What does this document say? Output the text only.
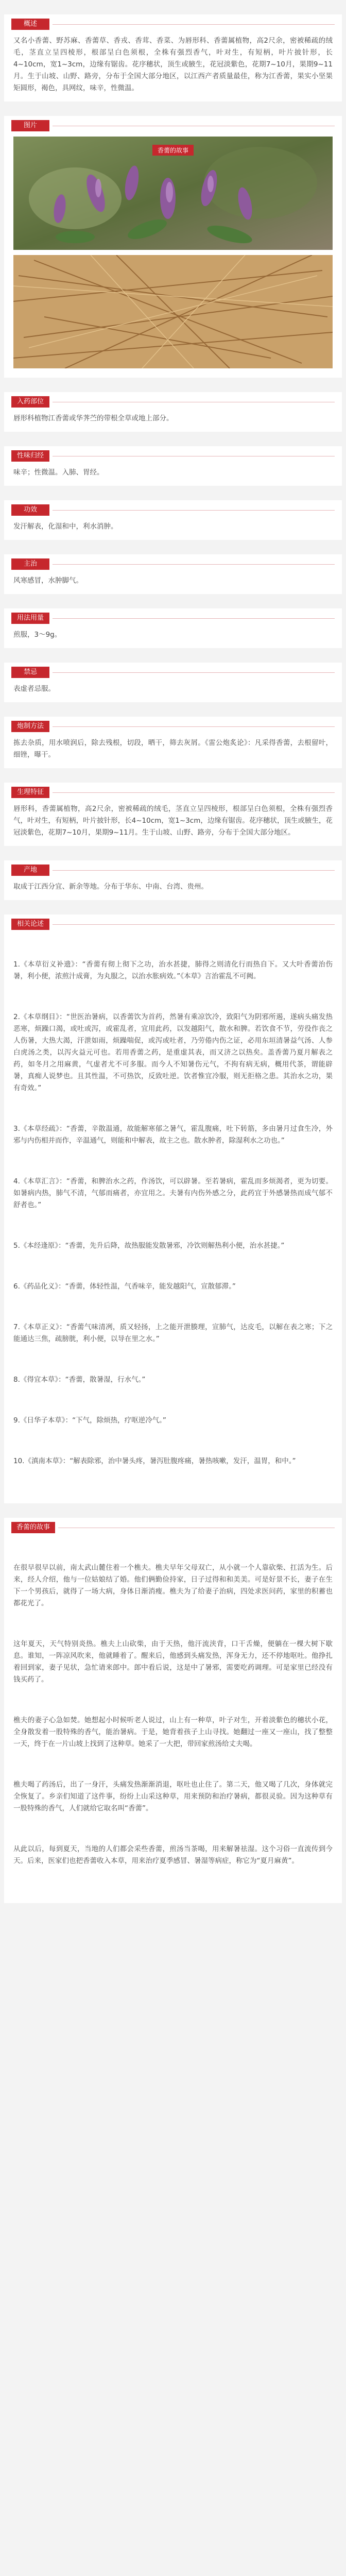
概述
又名小香薷、野苏麻、香薷草、香戎、香茸、香菜、为唇形科、香薷属植物，高2尺余，密被稀疏的绒毛，茎直立呈四棱形，根部呈白色须根，全株有强烈香气，叶对生，有短柄，叶片披针形，长4~10cm，宽1~3cm，边缘有锯齿。花序穗状，顶生或腋生，花冠淡紫色，花期7~10月，果期9~11月。生于山坡、山野、路旁，分布于全国大部分地区，以江西产者质量最佳，称为江香薷，果实小坚果矩圆形，褐色，具网纹，味辛，性微温。
图片
香薷的故事
入药部位
唇形科植物江香薷或华荠苎的带根全草或地上部分。
性味归经
味辛；性微温。入肺、胃经。
功效
发汗解表，化湿和中，利水消肿。
主治
风寒感冒，水肿脚气。
用法用量
煎服，3～9g。
禁忌
表虚者忌服。
炮制方法
拣去杂质，用水喷润后，除去残根，切段，晒干，筛去灰屑。《雷公炮炙论》：凡采得香薷，去根留叶，细锉，曝干。
生理特征
唇形科，香薷属植物，高2尺余，密被稀疏的绒毛，茎直立呈四棱形，根部呈白色须根，全株有强烈香气，叶对生，有短柄，叶片披针形，长4~10cm，宽1~3cm，边缘有锯齿。花序穗状，顶生或腋生，花冠淡紫色，花期7~10月，果期9~11月。生于山坡、山野、路旁，分布于全国大部分地区。
产地
取成于江西分宜、新余等地。分布于华东、中南、台湾、贵州。
相关论述

1.《本草衍义补遗》：“香薷有彻上彻下之功，治水甚捷，肺得之则清化行而热自下。又大叶香薷治伤暑，利小便，浓煎汁成膏，为丸服之，以治水胀病效。”《本草》言治霍乱不可阙。

2.《本草纲目》：“世医治暑病，以香薷饮为首药，然暑有乘凉饮冷，致阳气为阴邪所遏，遂病头痛发热恶寒，烦躁口渴，或吐或泻，或霍乱者，宜用此药，以发越阳气，散水和脾。若饮食不节，劳役作丧之人伤暑，大热大渴，汗泄如雨，烦躁喘促，或泻或吐者，乃劳倦内伤之证，必用东垣清暑益气汤、人参白虎汤之类，以泻火益元可也。若用香薷之药，是重虚其表，而又济之以热矣。盖香薷乃夏月解表之药，如冬月之用麻黄，气虚者尤不可多服。而今人不知暑伤元气，不拘有病无病，概用代茶，谓能辟暑，真痴人说梦也。且其性温，不可热饮，反致吐逆。饮者惟宜冷服，则无拒格之患。其治水之功，果有奇效。”

3.《本草经疏》：“香薷，辛散温通，故能解寒郁之暑气，霍乱腹痛，吐下转筋，多由暑月过食生冷，外邪与内伤相并而作，辛温通气，则能和中解表，故主之也。散水肿者，除湿利水之功也。”

4.《本草汇言》：“香薷，和脾治水之药，作汤饮，可以辟暑。至若暑病，霍乱而多烦渴者，更为切要。如暑病内热，肺气不清，气郁而痛者，亦宜用之。夫暑有内伤外感之分，此药宜于外感暑热而成气郁不舒者也。”

5.《本经逢原》：“香薷，先升后降，故热服能发散暑邪，冷饮则解热利小便，治水甚捷。”

6.《药品化义》：“香薷，体轻性温，气香味辛，能发越阳气，宣散郁滞。”

7.《本草正义》：“香薷气味清冽，质又轻扬，上之能开泄腠理，宣肺气，达皮毛，以解在表之寒；下之能通达三焦，疏膀胱，利小便，以导在里之水。”

8.《得宜本草》：“香薷，散暑湿，行水气。”

9.《日华子本草》：“下气，除烦热，疗呕逆冷气。”

10.《滇南本草》：“解表除邪，治中暑头疼，暑泻肚腹疼痛，暑热咳嗽，发汗，温胃，和中。”

香薷的故事

在很早很早以前，南太武山麓住着一个樵夫。樵夫早年父母双亡，从小就一个人靠砍柴、扛活为生。后来，经人介绍，他与一位姑娘结了婚。他们俩勤俭持家，日子过得和和美美。可是好景不长，妻子在生下一个男孩后，就得了一场大病，身体日渐消瘦。樵夫为了给妻子治病，四处求医问药，家里的积蓄也都花光了。

这年夏天，天气特别炎热。樵夫上山砍柴，由于天热，他汗流浃背，口干舌燥，便躺在一棵大树下歇息。谁知，一阵凉风吹来，他就睡着了。醒来后，他感到头痛发热，浑身无力，还不停地呕吐。他挣扎着回到家，妻子见状，急忙请来郎中。郎中看后说，这是中了暑邪，需要吃药调理。可是家里已经没有钱买药了。

樵夫的妻子心急如焚。她想起小时候听老人说过，山上有一种草，叶子对生，开着淡紫色的穗状小花，全身散发着一股特殊的香气，能治暑病。于是，她背着孩子上山寻找。她翻过一座又一座山，找了整整一天，终于在一片山坡上找到了这种草。她采了一大把，带回家煎汤给丈夫喝。

樵夫喝了药汤后，出了一身汗，头痛发热渐渐消退，呕吐也止住了。第二天，他又喝了几次，身体就完全恢复了。乡亲们知道了这件事，纷纷上山采这种草，用来预防和治疗暑病，都很灵验。因为这种草有一股特殊的香气，人们就给它取名叫“香薷”。

从此以后，每到夏天，当地的人们都会采些香薷，煎汤当茶喝，用来解暑祛湿。这个习俗一直流传到今天。后来，医家们也把香薷收入本草，用来治疗夏季感冒、暑湿等病症，称它为“夏月麻黄”。
